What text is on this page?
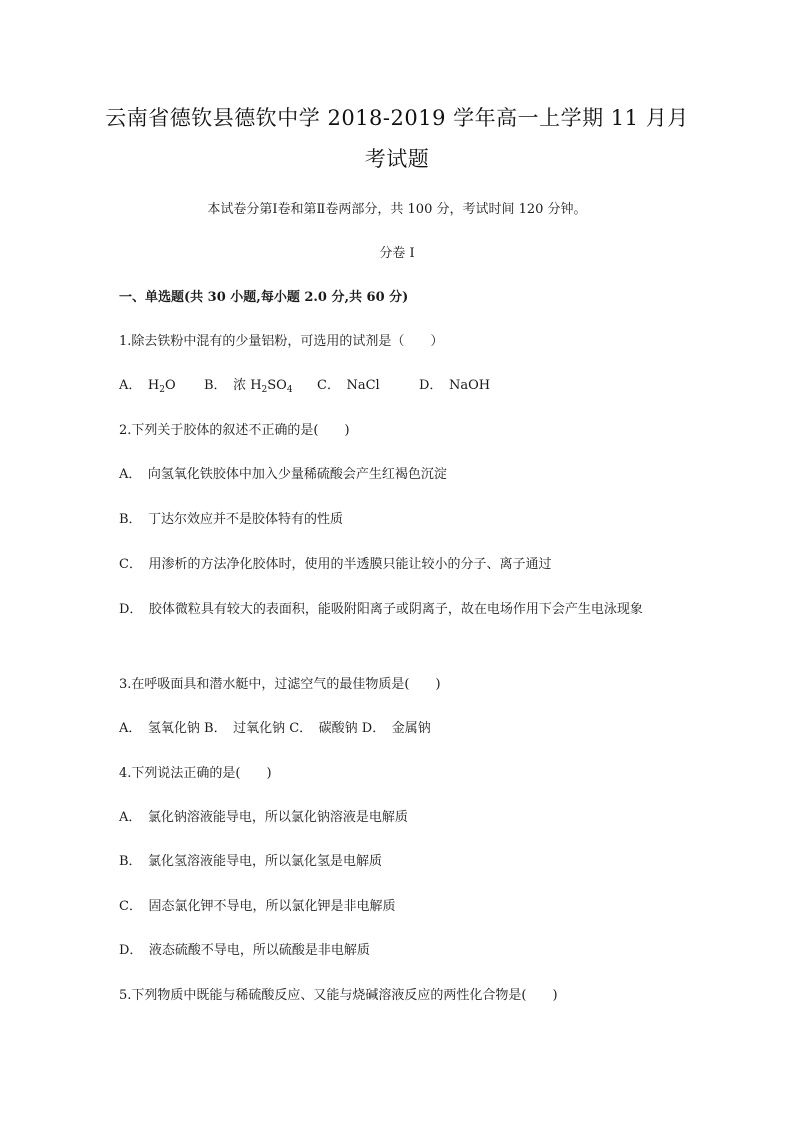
云南省德钦县德钦中学 2018-2019 学年高一上学期 11 月月
考试题
本试卷分第Ⅰ卷和第Ⅱ卷两部分，共 100 分，考试时间 120 分钟。
分卷 I
一、单选题(共 30 小题,每小题 2.0 分,共 60 分)
1.除去铁粉中混有的少量铝粉，可选用的试剂是（　　）
A．  $H_2O$ B．  浓 $H_2SO_4$ C．  NaCl	D．  NaOH
2.下列关于胶体的叙述不正确的是(　　)
A．　向氢氧化铁胶体中加入少量稀硫酸会产生红褐色沉淀
B．　丁达尔效应并不是胶体特有的性质
C．　用渗析的方法净化胶体时，使用的半透膜只能让较小的分子、离子通过
D．　胶体微粒具有较大的表面积，能吸附阳离子或阴离子，故在电场作用下会产生电泳现象
3.在呼吸面具和潜水艇中，过滤空气的最佳物质是(　　)
A．　氢氧化钠 B．　过氧化钠 C．　碳酸钠 D．　金属钠
4.下列说法正确的是(　　)
A．　氯化钠溶液能导电，所以氯化钠溶液是电解质
B．　氯化氢溶液能导电，所以氯化氢是电解质
C．　固态氯化钾不导电，所以氯化钾是非电解质
D．　液态硫酸不导电，所以硫酸是非电解质
5.下列物质中既能与稀硫酸反应、又能与烧碱溶液反应的两性化合物是(　　)
